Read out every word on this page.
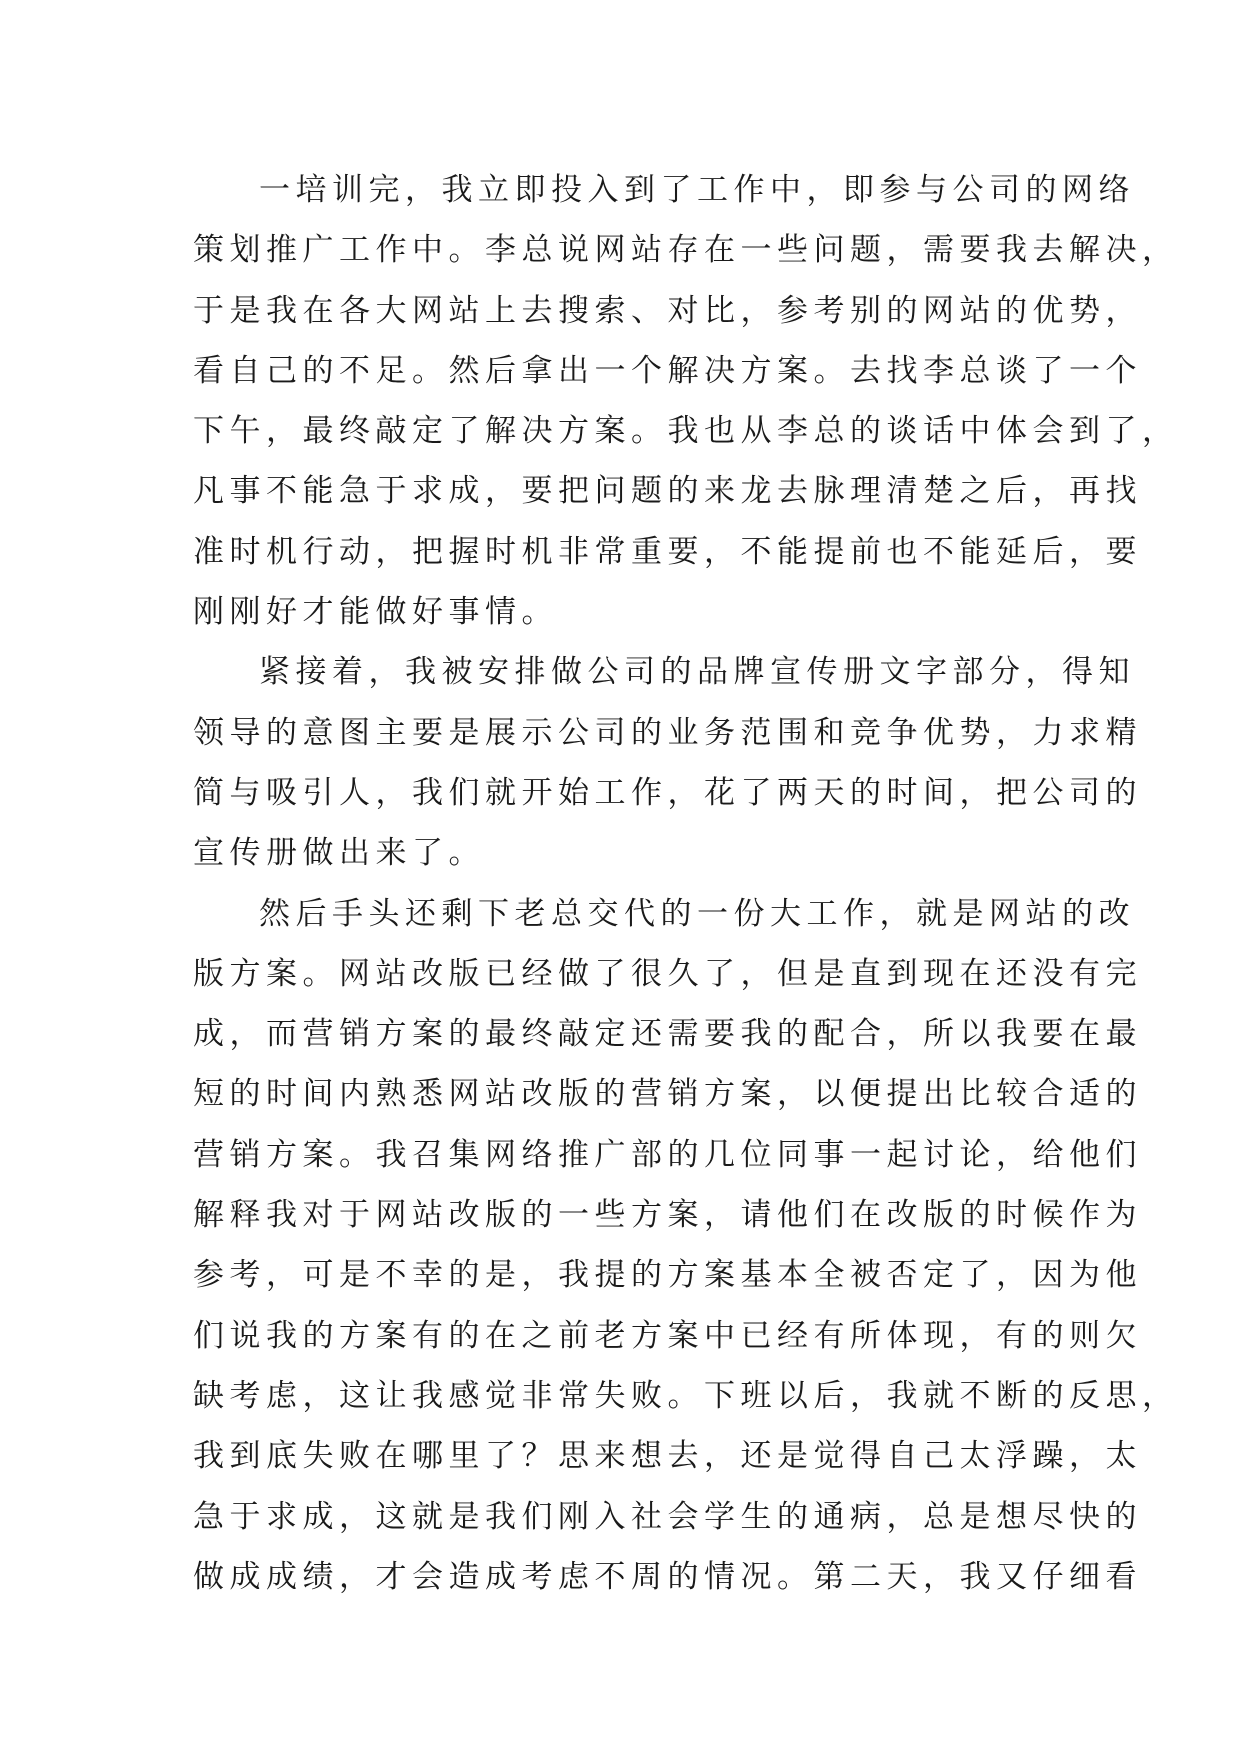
一培训完，我立即投入到了工作中，即参与公司的网络
策划推广工作中。李总说网站存在一些问题，需要我去解决，
于是我在各大网站上去搜索、对比，参考别的网站的优势，
看自己的不足。然后拿出一个解决方案。去找李总谈了一个
下午，最终敲定了解决方案。我也从李总的谈话中体会到了，
凡事不能急于求成，要把问题的来龙去脉理清楚之后，再找
准时机行动，把握时机非常重要，不能提前也不能延后，要
刚刚好才能做好事情。
紧接着，我被安排做公司的品牌宣传册文字部分，得知
领导的意图主要是展示公司的业务范围和竞争优势，力求精
简与吸引人，我们就开始工作，花了两天的时间，把公司的
宣传册做出来了。
然后手头还剩下老总交代的一份大工作，就是网站的改
版方案。网站改版已经做了很久了，但是直到现在还没有完
成，而营销方案的最终敲定还需要我的配合，所以我要在最
短的时间内熟悉网站改版的营销方案，以便提出比较合适的
营销方案。我召集网络推广部的几位同事一起讨论，给他们
解释我对于网站改版的一些方案，请他们在改版的时候作为
参考，可是不幸的是，我提的方案基本全被否定了，因为他
们说我的方案有的在之前老方案中已经有所体现，有的则欠
缺考虑，这让我感觉非常失败。下班以后，我就不断的反思，
我到底失败在哪里了？思来想去，还是觉得自己太浮躁，太
急于求成，这就是我们刚入社会学生的通病，总是想尽快的
做成成绩，才会造成考虑不周的情况。第二天，我又仔细看
